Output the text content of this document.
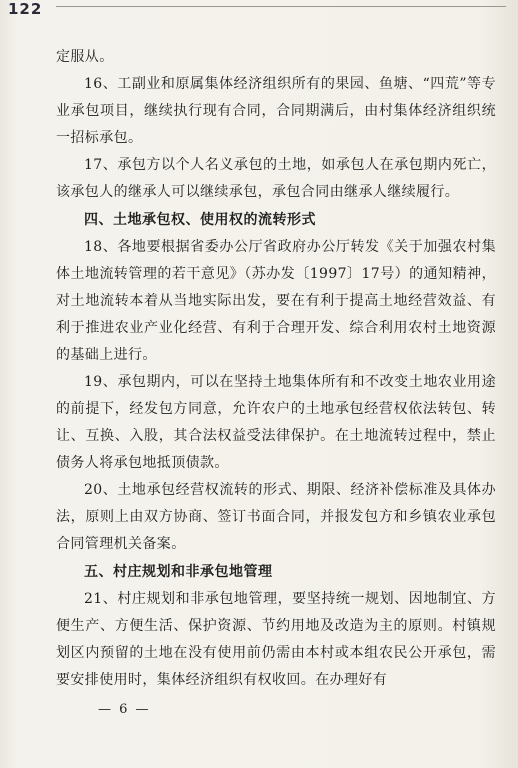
122

定服从。

16、工副业和原属集体经济组织所有的果园、鱼塘、“四荒”等专业承包项目，继续执行现有合同，合同期满后，由村集体经济组织统一招标承包。

17、承包方以个人名义承包的土地，如承包人在承包期内死亡，该承包人的继承人可以继续承包，承包合同由继承人继续履行。

四、土地承包权、使用权的流转形式

18、各地要根据省委办公厅省政府办公厅转发《关于加强农村集体土地流转管理的若干意见》（苏办发〔1997〕17号）的通知精神，对土地流转本着从当地实际出发，要在有利于提高土地经营效益、有利于推进农业产业化经营、有利于合理开发、综合利用农村土地资源的基础上进行。

19、承包期内，可以在坚持土地集体所有和不改变土地农业用途的前提下，经发包方同意，允许农户的土地承包经营权依法转包、转让、互换、入股，其合法权益受法律保护。在土地流转过程中，禁止债务人将承包地抵顶债款。

20、土地承包经营权流转的形式、期限、经济补偿标准及具体办法，原则上由双方协商、签订书面合同，并报发包方和乡镇农业承包合同管理机关备案。

五、村庄规划和非承包地管理

21、村庄规划和非承包地管理，要坚持统一规划、因地制宜、方便生产、方便生活、保护资源、节约用地及改造为主的原则。村镇规划区内预留的土地在没有使用前仍需由本村或本组农民公开承包，需要安排使用时，集体经济组织有权收回。在办理好有

— 6 —
